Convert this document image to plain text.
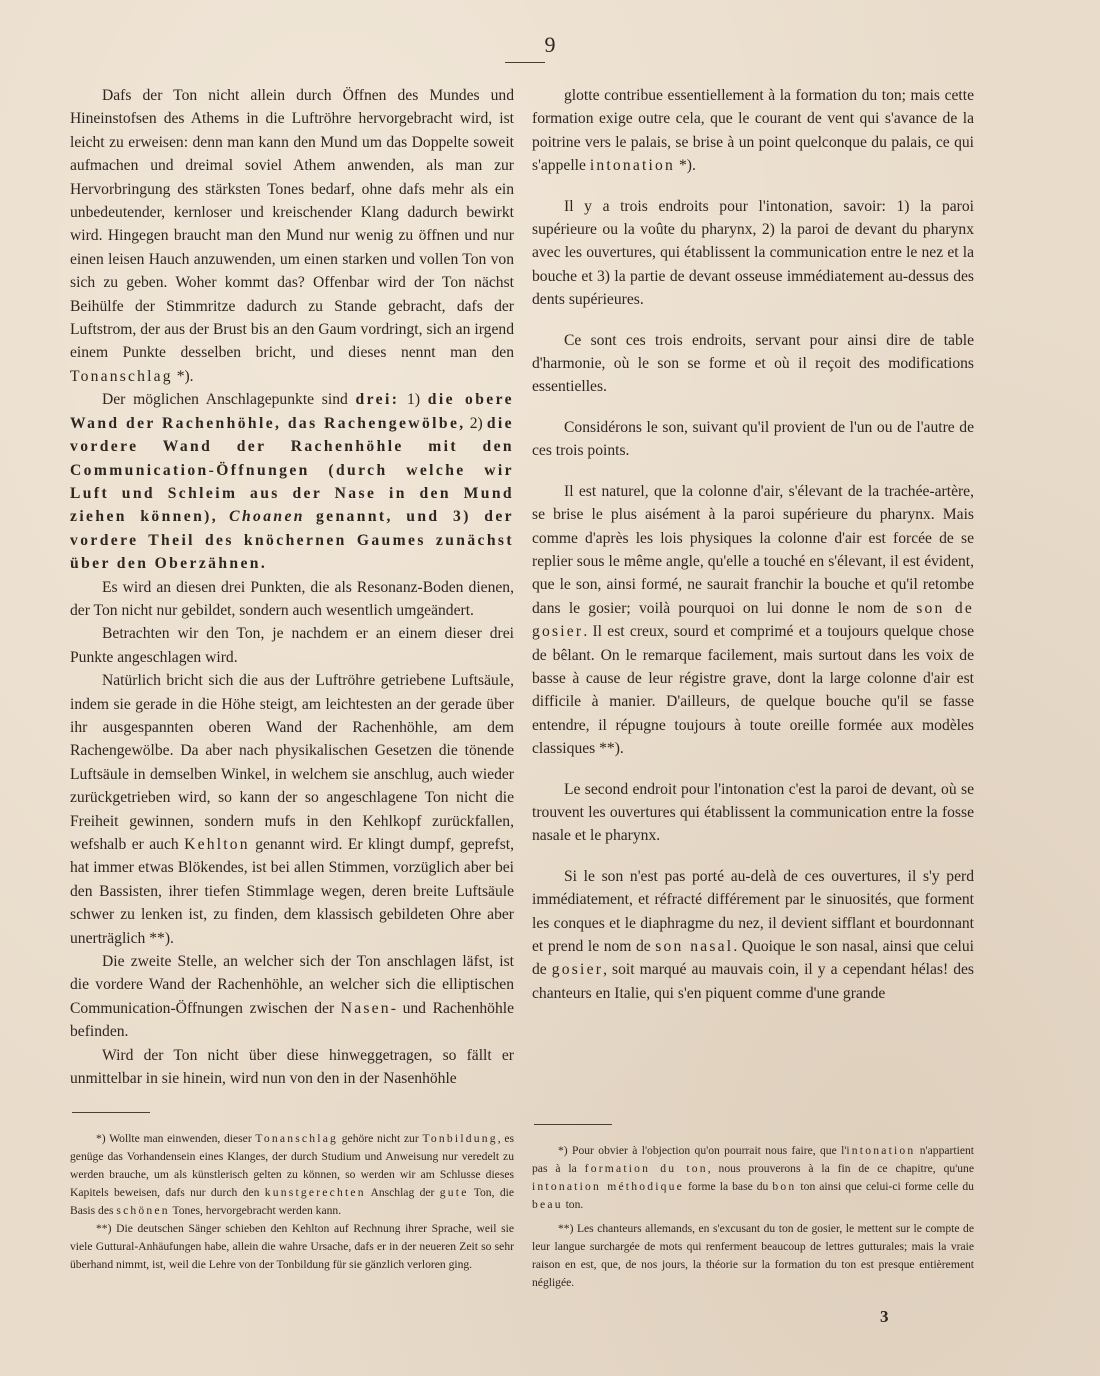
9

Dafs der Ton nicht allein durch Öffnen des Mundes und Hineinstofsen des Athems in die Luftröhre hervorgebracht wird, ist leicht zu erweisen: denn man kann den Mund um das Doppelte soweit aufmachen und dreimal soviel Athem anwenden, als man zur Hervorbringung des stärksten Tones bedarf, ohne dafs mehr als ein unbedeutender, kernloser und kreischender Klang dadurch bewirkt wird. Hingegen braucht man den Mund nur wenig zu öffnen und nur einen leisen Hauch anzuwenden, um einen starken und vollen Ton von sich zu geben. Woher kommt das? Offenbar wird der Ton nächst Beihülfe der Stimmritze dadurch zu Stande gebracht, dafs der Luftstrom, der aus der Brust bis an den Gaum vordringt, sich an irgend einem Punkte desselben bricht, und dieses nennt man den Tonanschlag *).

Der möglichen Anschlagepunkte sind drei: 1) die obere Wand der Rachenhöhle, das Rachengewölbe, 2) die vordere Wand der Rachenhöhle mit den Communication-Öffnungen (durch welche wir Luft und Schleim aus der Nase in den Mund ziehen können), Choanen genannt, und 3) der vordere Theil des knöchernen Gaumes zunächst über den Oberzähnen.

Es wird an diesen drei Punkten, die als Resonanz-Boden dienen, der Ton nicht nur gebildet, sondern auch wesentlich umgeändert.

Betrachten wir den Ton, je nachdem er an einem dieser drei Punkte angeschlagen wird.

Natürlich bricht sich die aus der Luftröhre getriebene Luftsäule, indem sie gerade in die Höhe steigt, am leichtesten an der gerade über ihr ausgespannten oberen Wand der Rachenhöhle, am dem Rachengewölbe. Da aber nach physikalischen Gesetzen die tönende Luftsäule in demselben Winkel, in welchem sie anschlug, auch wieder zurückgetrieben wird, so kann der so angeschlagene Ton nicht die Freiheit gewinnen, sondern mufs in den Kehlkopf zurückfallen, wefshalb er auch Kehlton genannt wird. Er klingt dumpf, geprefst, hat immer etwas Blökendes, ist bei allen Stimmen, vorzüglich aber bei den Bassisten, ihrer tiefen Stimmlage wegen, deren breite Luftsäule schwer zu lenken ist, zu finden, dem klassisch gebildeten Ohre aber unerträglich **).

Die zweite Stelle, an welcher sich der Ton anschlagen läfst, ist die vordere Wand der Rachenhöhle, an welcher sich die elliptischen Communication-Öffnungen zwischen der Nasen- und Rachenhöhle befinden.

Wird der Ton nicht über diese hinweggetragen, so fällt er unmittelbar in sie hinein, wird nun von den in der Nasenhöhle

glotte contribue essentiellement à la formation du ton; mais cette formation exige outre cela, que le courant de vent qui s'avance de la poitrine vers le palais, se brise à un point quelconque du palais, ce qui s'appelle intonation *).

Il y a trois endroits pour l'intonation, savoir: 1) la paroi supérieure ou la voûte du pharynx, 2) la paroi de devant du pharynx avec les ouvertures, qui établissent la communication entre le nez et la bouche et 3) la partie de devant osseuse immédiatement au-dessus des dents supérieures.

Ce sont ces trois endroits, servant pour ainsi dire de table d'harmonie, où le son se forme et où il reçoit des modifications essentielles.

Considérons le son, suivant qu'il provient de l'un ou de l'autre de ces trois points.

Il est naturel, que la colonne d'air, s'élevant de la trachée-artère, se brise le plus aisément à la paroi supérieure du pharynx. Mais comme d'après les lois physiques la colonne d'air est forcée de se replier sous le même angle, qu'elle a touché en s'élevant, il est évident, que le son, ainsi formé, ne saurait franchir la bouche et qu'il retombe dans le gosier; voilà pourquoi on lui donne le nom de son de gosier. Il est creux, sourd et comprimé et a toujours quelque chose de bêlant. On le remarque facilement, mais surtout dans les voix de basse à cause de leur régistre grave, dont la large colonne d'air est difficile à manier. D'ailleurs, de quelque bouche qu'il se fasse entendre, il répugne toujours à toute oreille formée aux modèles classiques **).

Le second endroit pour l'intonation c'est la paroi de devant, où se trouvent les ouvertures qui établissent la communication entre la fosse nasale et le pharynx.

Si le son n'est pas porté au-delà de ces ouvertures, il s'y perd immédiatement, et réfracté différement par le sinuosités, que forment les conques et le diaphragme du nez, il devient sifflant et bourdonnant et prend le nom de son nasal. Quoique le son nasal, ainsi que celui de gosier, soit marqué au mauvais coin, il y a cependant hélas! des chanteurs en Italie, qui s'en piquent comme d'une grande

*) Wollte man einwenden, dieser Tonanschlag gehöre nicht zur Tonbildung, es genüge das Vorhandensein eines Klanges, der durch Studium und Anweisung nur veredelt zu werden brauche, um als künstlerisch gelten zu können, so werden wir am Schlusse dieses Kapitels beweisen, dafs nur durch den kunstgerechten Anschlag der gute Ton, die Basis des schönen Tones, hervorgebracht werden kann.

**) Die deutschen Sänger schieben den Kehlton auf Rechnung ihrer Sprache, weil sie viele Guttural-Anhäufungen habe, allein die wahre Ursache, dafs er in der neueren Zeit so sehr überhand nimmt, ist, weil die Lehre von der Tonbildung für sie gänzlich verloren ging.

*) Pour obvier à l'objection qu'on pourrait nous faire, que l'intonation n'appartient pas à la formation du ton, nous prouverons à la fin de ce chapitre, qu'une intonation méthodique forme la base du bon ton ainsi que celui-ci forme celle du beau ton.

**) Les chanteurs allemands, en s'excusant du ton de gosier, le mettent sur le compte de leur langue surchargée de mots qui renferment beaucoup de lettres gutturales; mais la vraie raison en est, que, de nos jours, la théorie sur la formation du ton est presque entièrement négligée.

3
